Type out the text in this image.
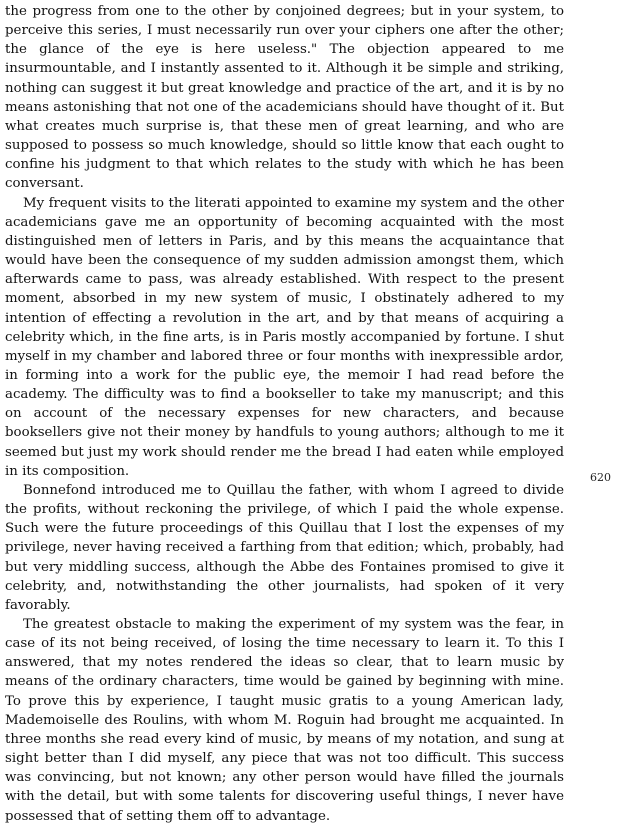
the progress from one to the other by conjoined degrees; but in your system, to perceive this series, I must necessarily run over your ciphers one after the other; the glance of the eye is here useless." The objection appeared to me insurmountable, and I instantly assented to it. Although it be simple and striking, nothing can suggest it but great knowledge and practice of the art, and it is by no means astonishing that not one of the academicians should have thought of it. But what creates much surprise is, that these men of great learning, and who are supposed to possess so much knowledge, should so little know that each ought to confine his judgment to that which relates to the study with which he has been conversant.

My frequent visits to the literati appointed to examine my system and the other academicians gave me an opportunity of becoming acquainted with the most distinguished men of letters in Paris, and by this means the acquaintance that would have been the consequence of my sudden admission amongst them, which afterwards came to pass, was already established. With respect to the present moment, absorbed in my new system of music, I obstinately adhered to my intention of effecting a revolution in the art, and by that means of acquiring a celebrity which, in the fine arts, is in Paris mostly accompanied by fortune. I shut myself in my chamber and labored three or four months with inexpressible ardor, in forming into a work for the public eye, the memoir I had read before the academy. The difficulty was to find a bookseller to take my manuscript; and this on account of the necessary expenses for new characters, and because booksellers give not their money by handfuls to young authors; although to me it seemed but just my work should render me the bread I had eaten while employed in its composition.

Bonnefond introduced me to Quillau the father, with whom I agreed to divide the profits, without reckoning the privilege, of which I paid the whole expense. Such were the future proceedings of this Quillau that I lost the expenses of my privilege, never having received a farthing from that edition; which, probably, had but very middling success, although the Abbe des Fontaines promised to give it celebrity, and, notwithstanding the other journalists, had spoken of it very favorably.

The greatest obstacle to making the experiment of my system was the fear, in case of its not being received, of losing the time necessary to learn it. To this I answered, that my notes rendered the ideas so clear, that to learn music by means of the ordinary characters, time would be gained by beginning with mine. To prove this by experience, I taught music gratis to a young American lady, Mademoiselle des Roulins, with whom M. Roguin had brought me acquainted. In three months she read every kind of music, by means of my notation, and sung at sight better than I did myself, any piece that was not too difficult. This success was convincing, but not known; any other person would have filled the journals with the detail, but with some talents for discovering useful things, I never have possessed that of setting them off to advantage.

620
